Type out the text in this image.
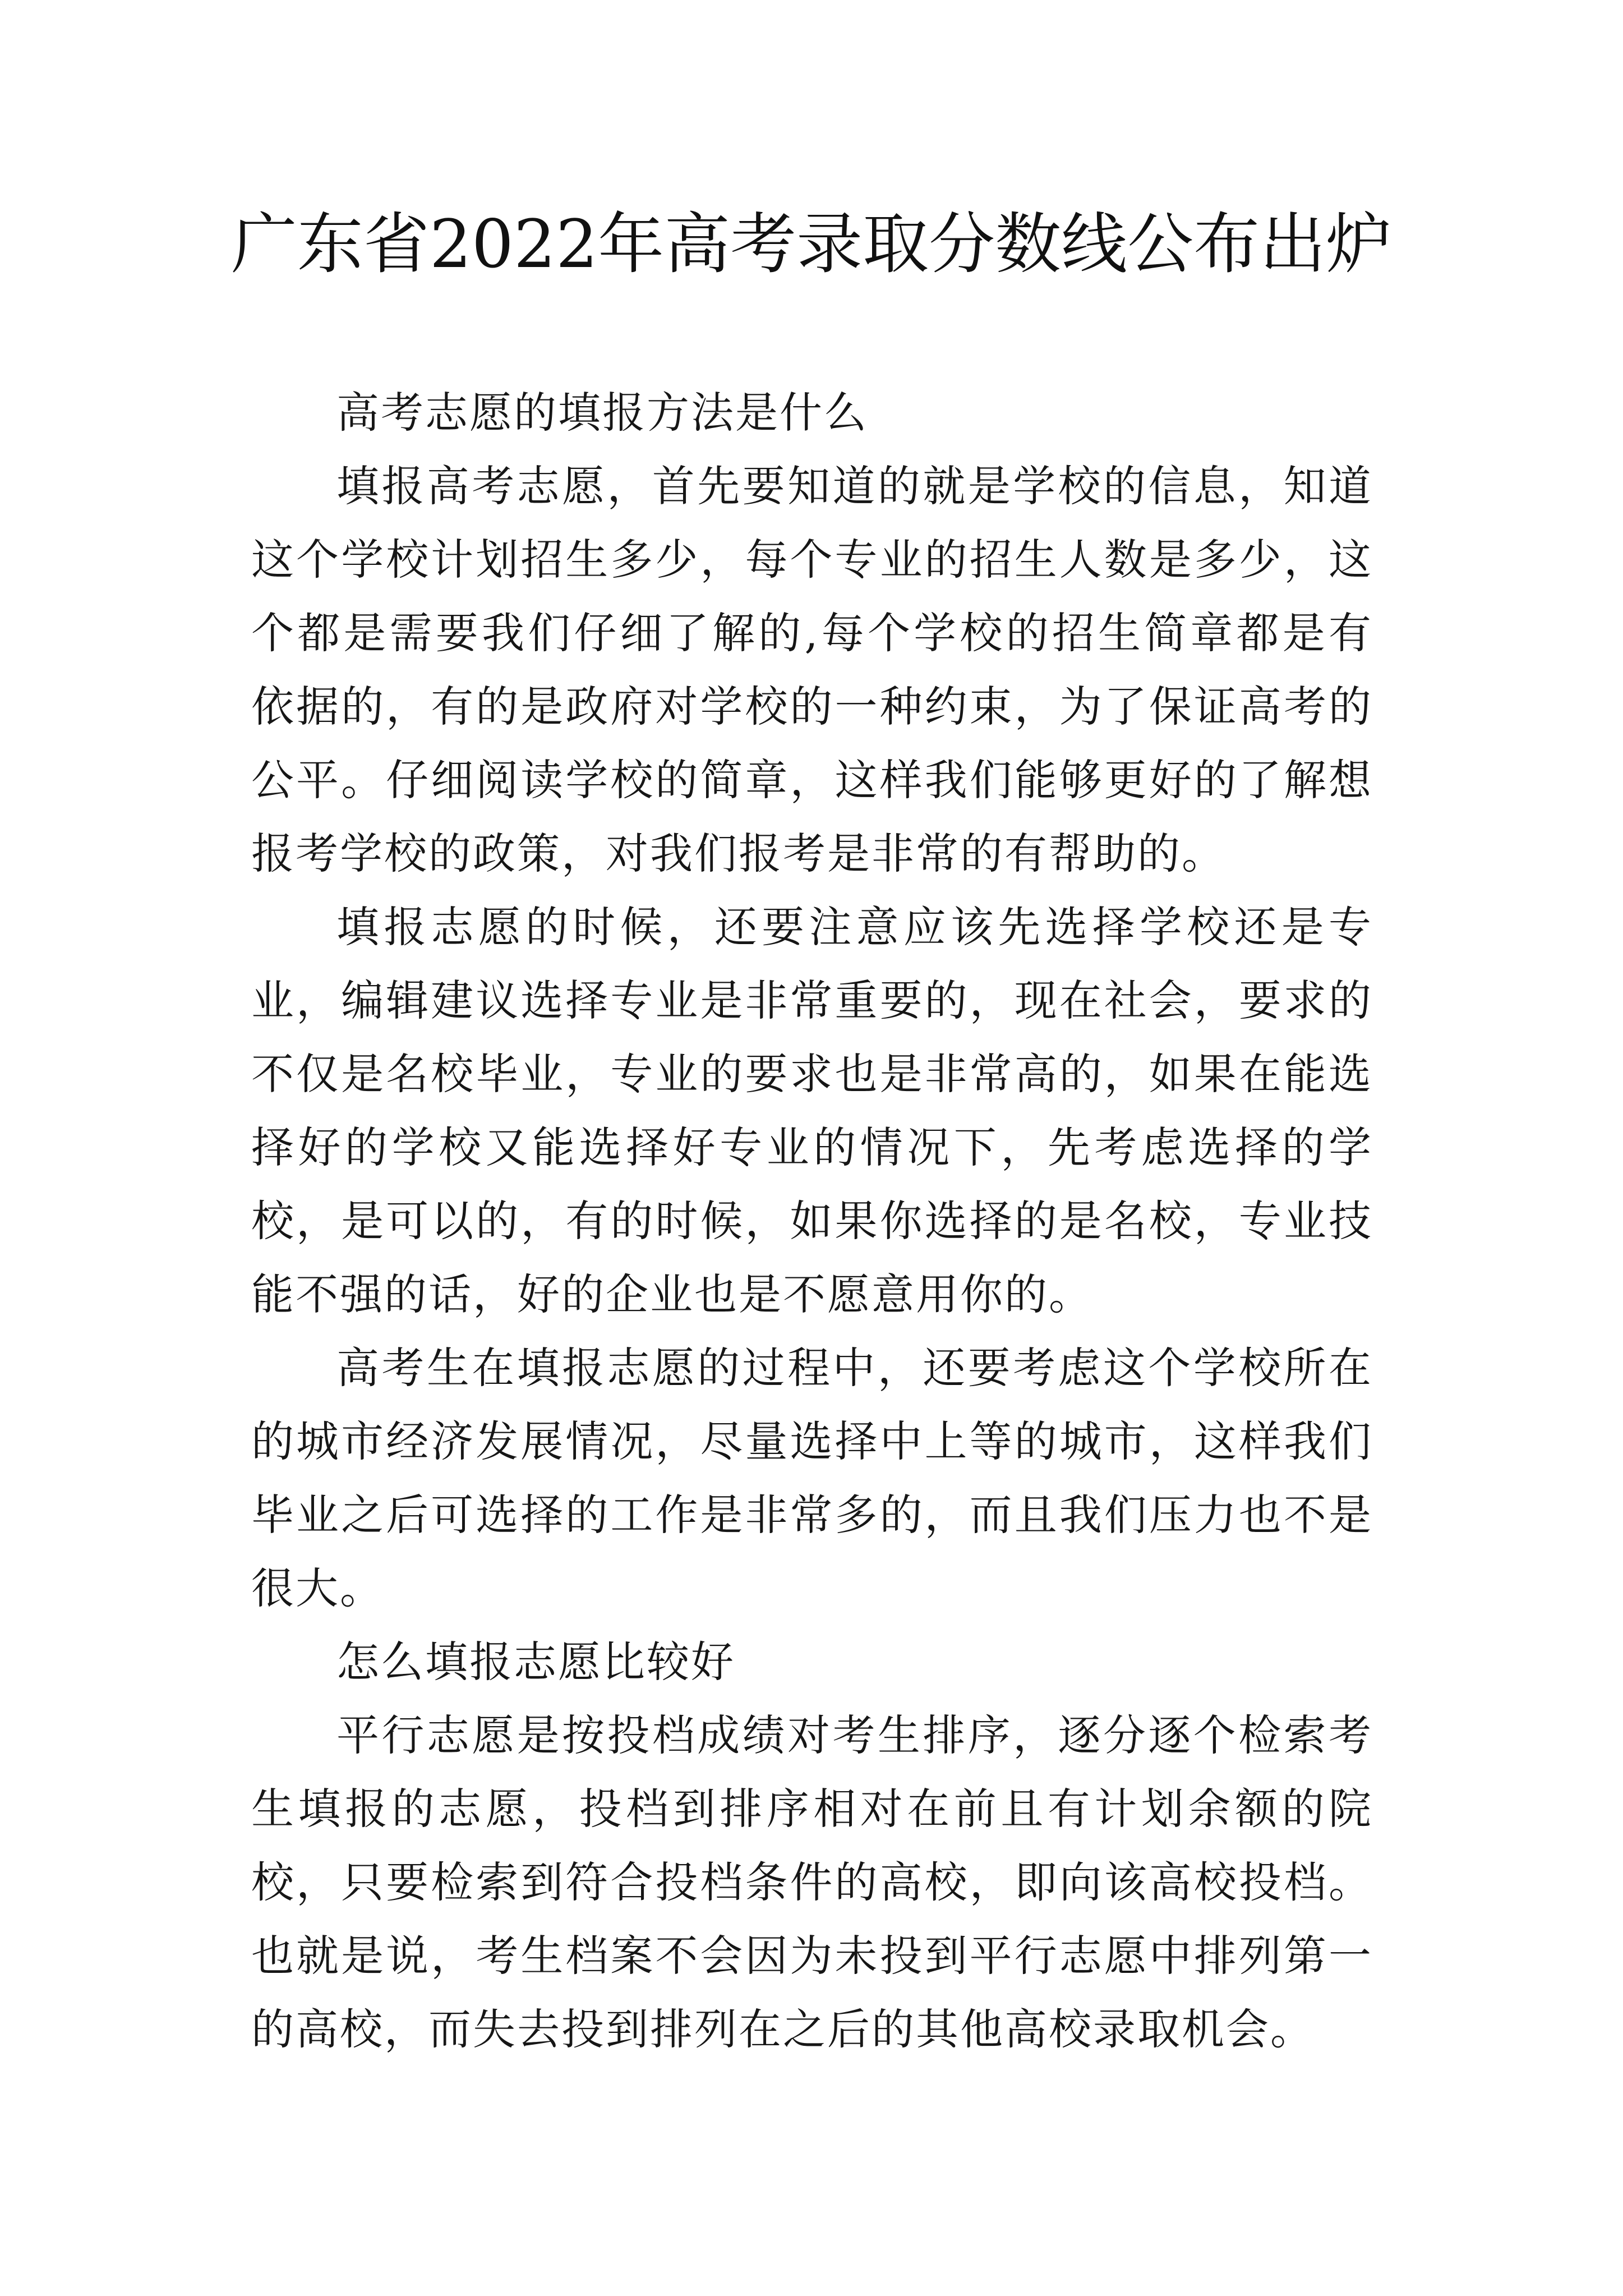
广东省2022年高考录取分数线公布出炉

高考志愿的填报方法是什么

填报高考志愿，首先要知道的就是学校的信息，知道这个学校计划招生多少，每个专业的招生人数是多少，这个都是需要我们仔细了解的,每个学校的招生简章都是有依据的，有的是政府对学校的一种约束，为了保证高考的公平。仔细阅读学校的简章，这样我们能够更好的了解想报考学校的政策，对我们报考是非常的有帮助的。

填报志愿的时候，还要注意应该先选择学校还是专业，编辑建议选择专业是非常重要的，现在社会，要求的不仅是名校毕业，专业的要求也是非常高的，如果在能选择好的学校又能选择好专业的情况下，先考虑选择的学校，是可以的，有的时候，如果你选择的是名校，专业技能不强的话，好的企业也是不愿意用你的。

高考生在填报志愿的过程中，还要考虑这个学校所在的城市经济发展情况，尽量选择中上等的城市，这样我们毕业之后可选择的工作是非常多的，而且我们压力也不是很大。

怎么填报志愿比较好

平行志愿是按投档成绩对考生排序，逐分逐个检索考生填报的志愿，投档到排序相对在前且有计划余额的院校，只要检索到符合投档条件的高校，即向该高校投档。也就是说，考生档案不会因为未投到平行志愿中排列第一的高校，而失去投到排列在之后的其他高校录取机会。
